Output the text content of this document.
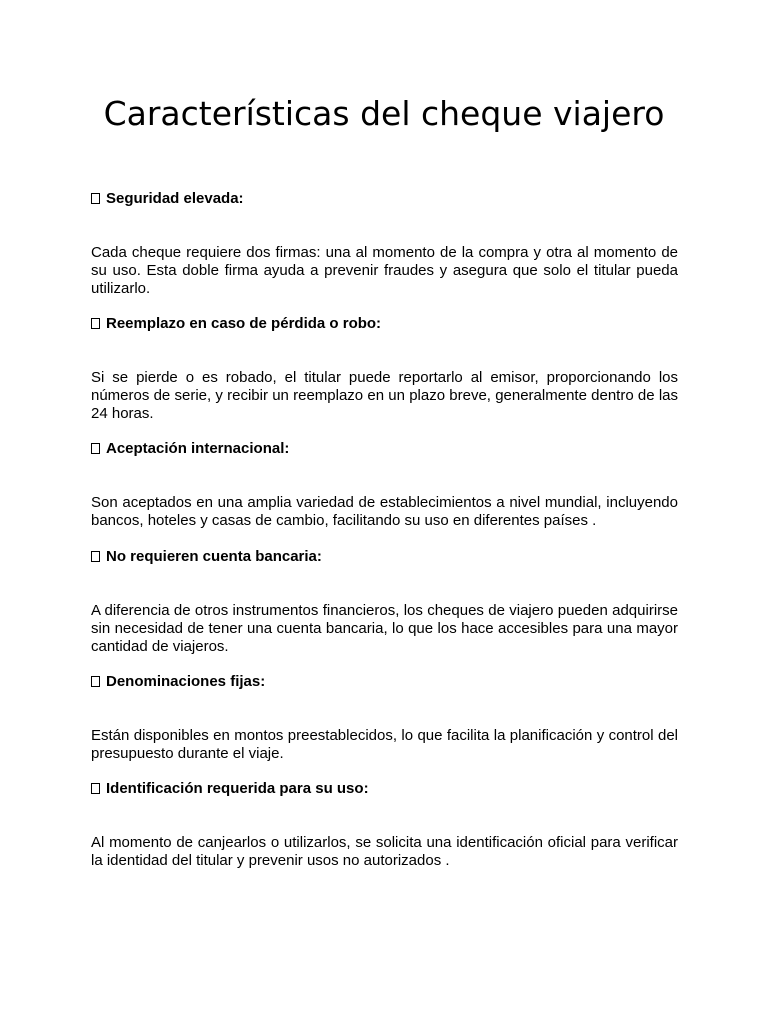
Características del cheque viajero

Seguridad elevada:

Cada cheque requiere dos firmas: una al momento de la compra y otra al momento de su uso. Esta doble firma ayuda a prevenir fraudes y asegura que solo el titular pueda utilizarlo.

Reemplazo en caso de pérdida o robo:

Si se pierde o es robado, el titular puede reportarlo al emisor, proporcionando los números de serie, y recibir un reemplazo en un plazo breve, generalmente dentro de las 24 horas.

Aceptación internacional:

Son aceptados en una amplia variedad de establecimientos a nivel mundial, incluyendo bancos, hoteles y casas de cambio, facilitando su uso en diferentes países .

No requieren cuenta bancaria:

A diferencia de otros instrumentos financieros, los cheques de viajero pueden adquirirse sin necesidad de tener una cuenta bancaria, lo que los hace accesibles para una mayor cantidad de viajeros.

Denominaciones fijas:

Están disponibles en montos preestablecidos, lo que facilita la planificación y control del presupuesto durante el viaje.

Identificación requerida para su uso:

Al momento de canjearlos o utilizarlos, se solicita una identificación oficial para verificar la identidad del titular y prevenir usos no autorizados .
